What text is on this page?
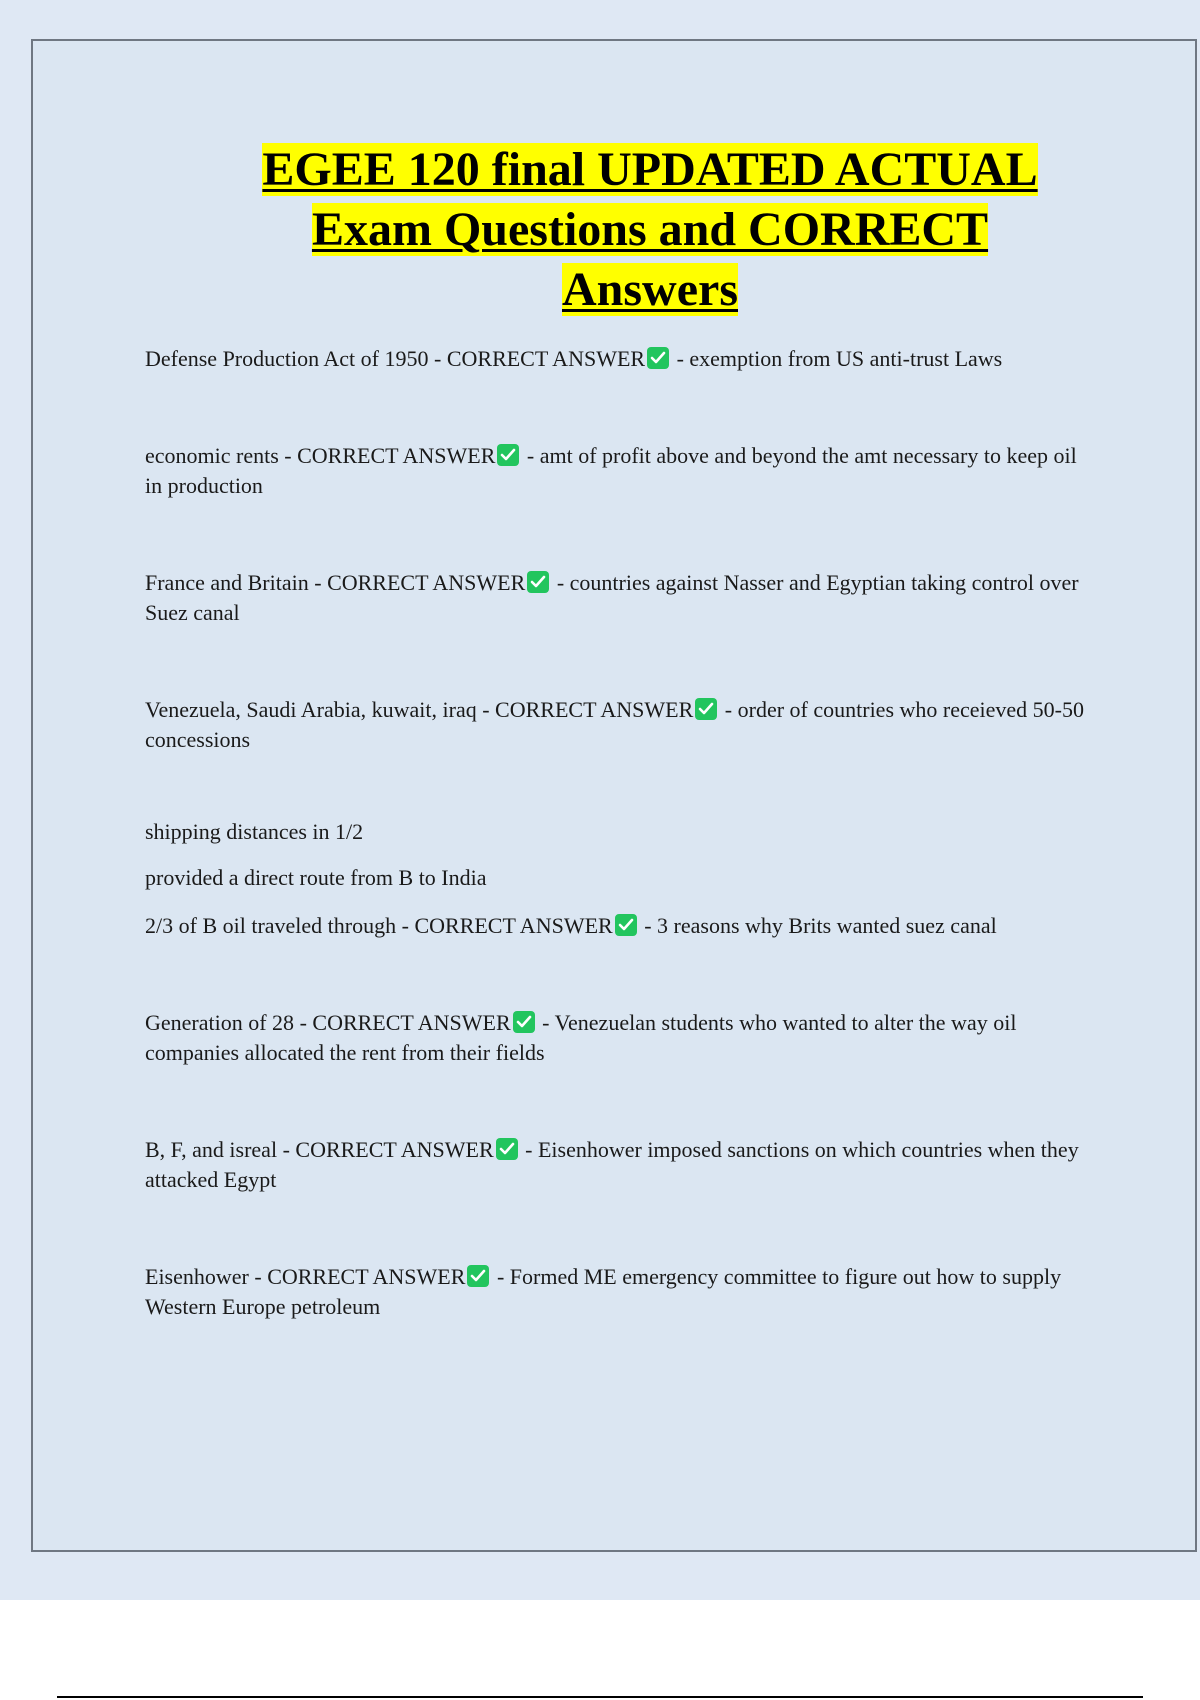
EGEE 120 final UPDATED ACTUAL
Exam Questions and CORRECT
Answers
Defense Production Act of 1950 - CORRECT ANSWER
- exemption from US anti-trust Laws
economic rents - CORRECT ANSWER
- amt of profit above and beyond the amt necessary to keep oil in production
France and Britain - CORRECT ANSWER
- countries against Nasser and Egyptian taking control over Suez canal
Venezuela, Saudi Arabia, kuwait, iraq - CORRECT ANSWER
- order of countries who receieved 50-50 concessions
shipping distances in 1/2
provided a direct route from B to India
2/3 of B oil traveled through - CORRECT ANSWER
- 3 reasons why Brits wanted suez canal
Generation of 28 - CORRECT ANSWER
- Venezuelan students who wanted to alter the way oil companies allocated the rent from their fields
B, F, and isreal - CORRECT ANSWER
- Eisenhower imposed sanctions on which countries when they attacked Egypt
Eisenhower - CORRECT ANSWER
- Formed ME emergency committee to figure out how to supply Western Europe petroleum
